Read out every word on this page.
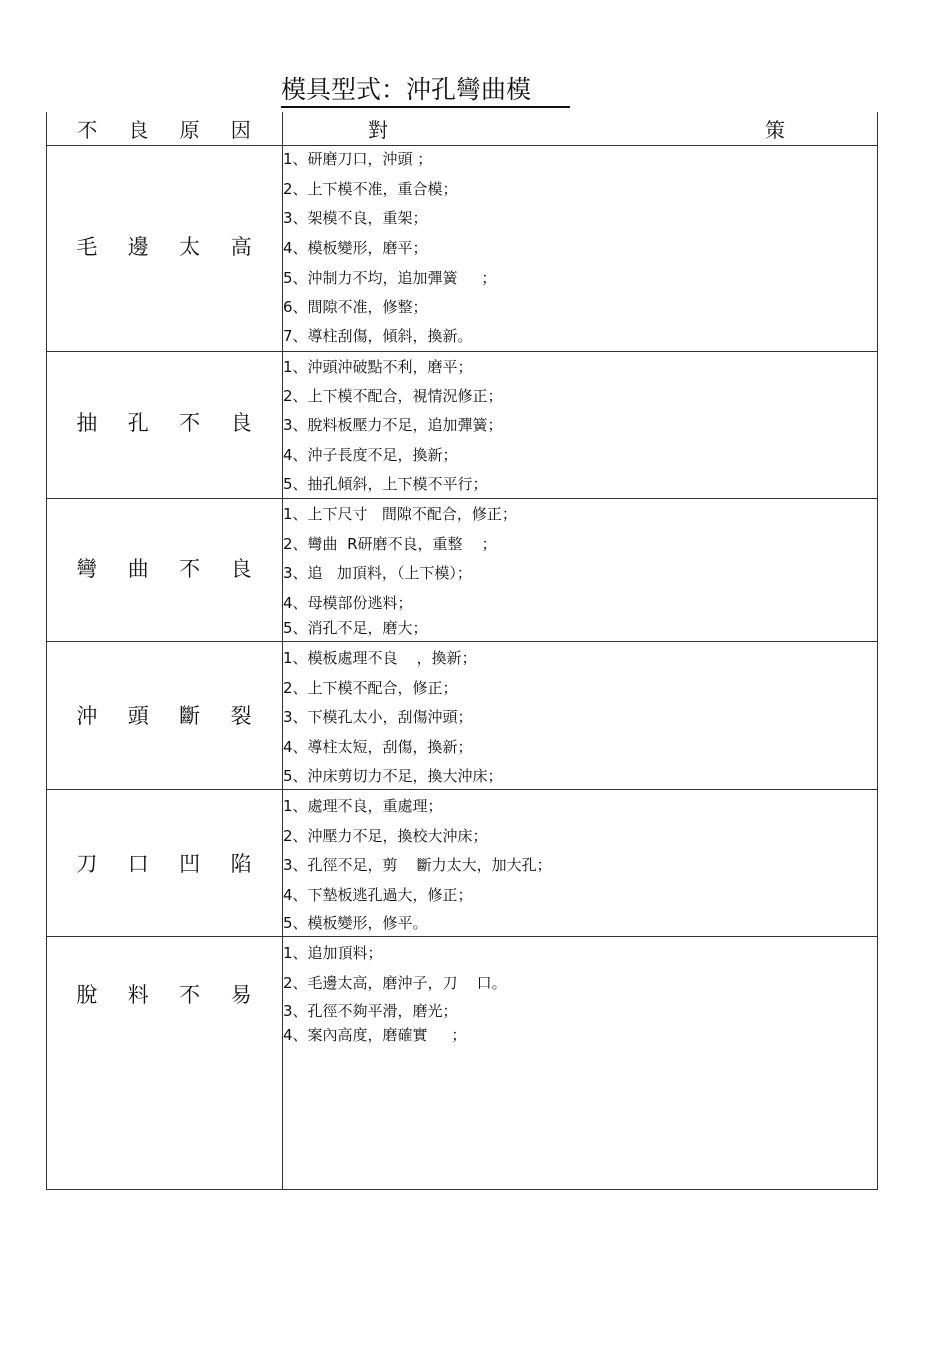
模具型式：沖孔彎曲模
不 良 原 因	對	策
毛 邊 太 高
1、研磨刀口，沖頭 ；
2、上下模不准，重合模；
3、架模不良，重架；
4、模板變形，磨平；
5、沖制力不均，追加彈簧     ；
6、間隙不准，修整；
7、導柱刮傷，傾斜，換新。
抽 孔 不 良
1、沖頭沖破點不利，磨平；
2、上下模不配合，視情況修正；
3、脫料板壓力不足，追加彈簧；
4、沖子長度不足，換新；
5、抽孔傾斜，上下模不平行；
彎 曲 不 良
1、上下尺寸   間隙不配合，修正；
2、彎曲  R研磨不良，重整    ；
3、追   加頂料，（上下模）；
4、母模部份逃料；
5、消孔不足，磨大；
沖 頭 斷 裂
1、模板處理不良    ，換新；
2、上下模不配合，修正；
3、下模孔太小，刮傷沖頭；
4、導柱太短，刮傷，換新；
5、沖床剪切力不足，換大沖床；
刀 口 凹 陷
1、處理不良，重處理；
2、沖壓力不足，換校大沖床；
3、孔徑不足，剪    斷力太大，加大孔；
4、下墊板逃孔過大，修正；
5、模板變形，修平。
脫 料 不 易
1、追加頂料；
2、毛邊太高，磨沖子，刀    口。
3、孔徑不夠平滑，磨光；
4、案內高度，磨確實     ；
